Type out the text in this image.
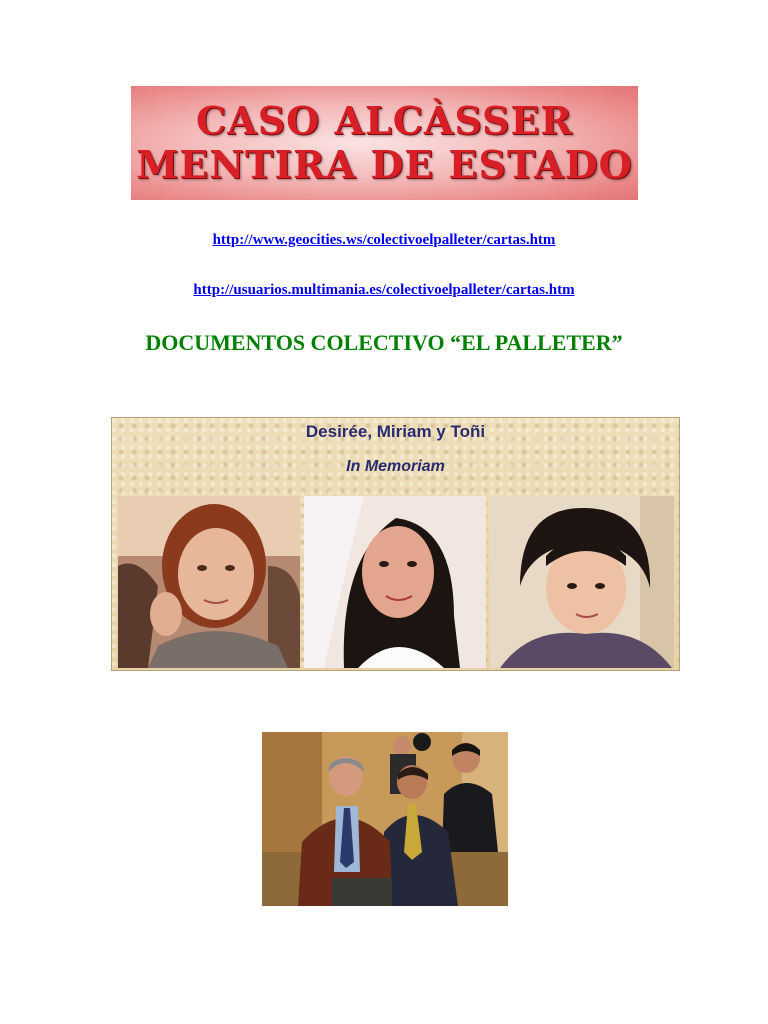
CASO ALCÀSSER
MENTIRA DE ESTADO
http://www.geocities.ws/colectivoelpalleter/cartas.htm
http://usuarios.multimania.es/colectivoelpalleter/cartas.htm
DOCUMENTOS COLECTIVO “EL PALLETER”
Desirée, Miriam y Toñi
In Memoriam
